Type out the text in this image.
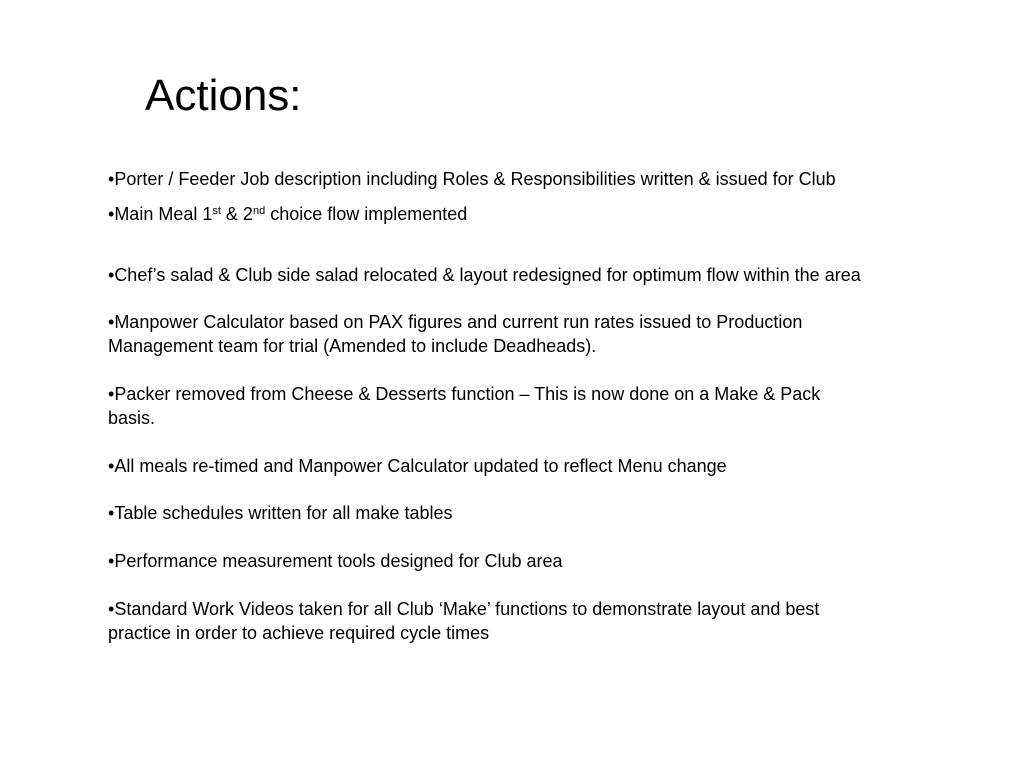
Actions:

•Porter / Feeder Job description including Roles & Responsibilities written & issued for Club

•Main Meal 1st & 2nd choice flow implemented

•Chef’s salad & Club side salad relocated & layout redesigned for optimum flow within the area

•Manpower Calculator based on PAX figures and current run rates issued to Production
Management team for trial (Amended to include Deadheads).

•Packer removed from Cheese & Desserts function – This is now done on a Make & Pack
basis.

•All meals re-timed and Manpower Calculator updated to reflect Menu change

•Table schedules written for all make tables

•Performance measurement tools designed for Club area

•Standard Work Videos taken for all Club ‘Make’ functions to demonstrate layout and best
practice in order to achieve required cycle times
